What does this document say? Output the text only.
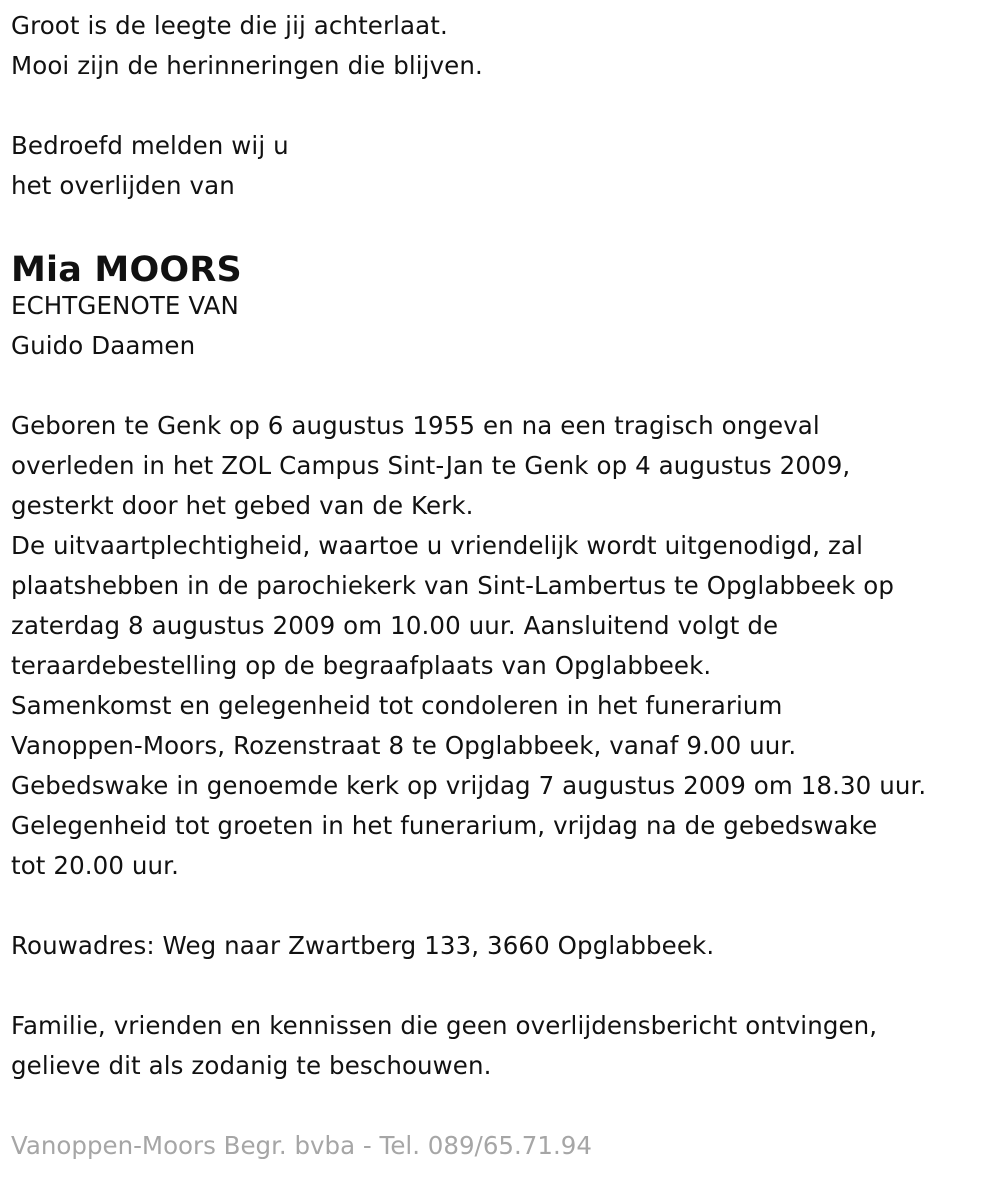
Groot is de leegte die jij achterlaat.
Mooi zijn de herinneringen die blijven.
Bedroefd melden wij u
het overlijden van
Mia MOORS
ECHTGENOTE VAN
Guido Daamen
Geboren te Genk op 6 augustus 1955 en na een tragisch ongeval
overleden in het ZOL Campus Sint-Jan te Genk op 4 augustus 2009,
gesterkt door het gebed van de Kerk.
De uitvaartplechtigheid, waartoe u vriendelijk wordt uitgenodigd, zal
plaatshebben in de parochiekerk van Sint-Lambertus te Opglabbeek op
zaterdag 8 augustus 2009 om 10.00 uur. Aansluitend volgt de
teraardebestelling op de begraafplaats van Opglabbeek.
Samenkomst en gelegenheid tot condoleren in het funerarium
Vanoppen-Moors, Rozenstraat 8 te Opglabbeek, vanaf 9.00 uur.
Gebedswake in genoemde kerk op vrijdag 7 augustus 2009 om 18.30 uur.
Gelegenheid tot groeten in het funerarium, vrijdag na de gebedswake
tot 20.00 uur.
Rouwadres: Weg naar Zwartberg 133, 3660 Opglabbeek.
Familie, vrienden en kennissen die geen overlijdensbericht ontvingen,
gelieve dit als zodanig te beschouwen.
Vanoppen-Moors Begr. bvba - Tel. 089/65.71.94
